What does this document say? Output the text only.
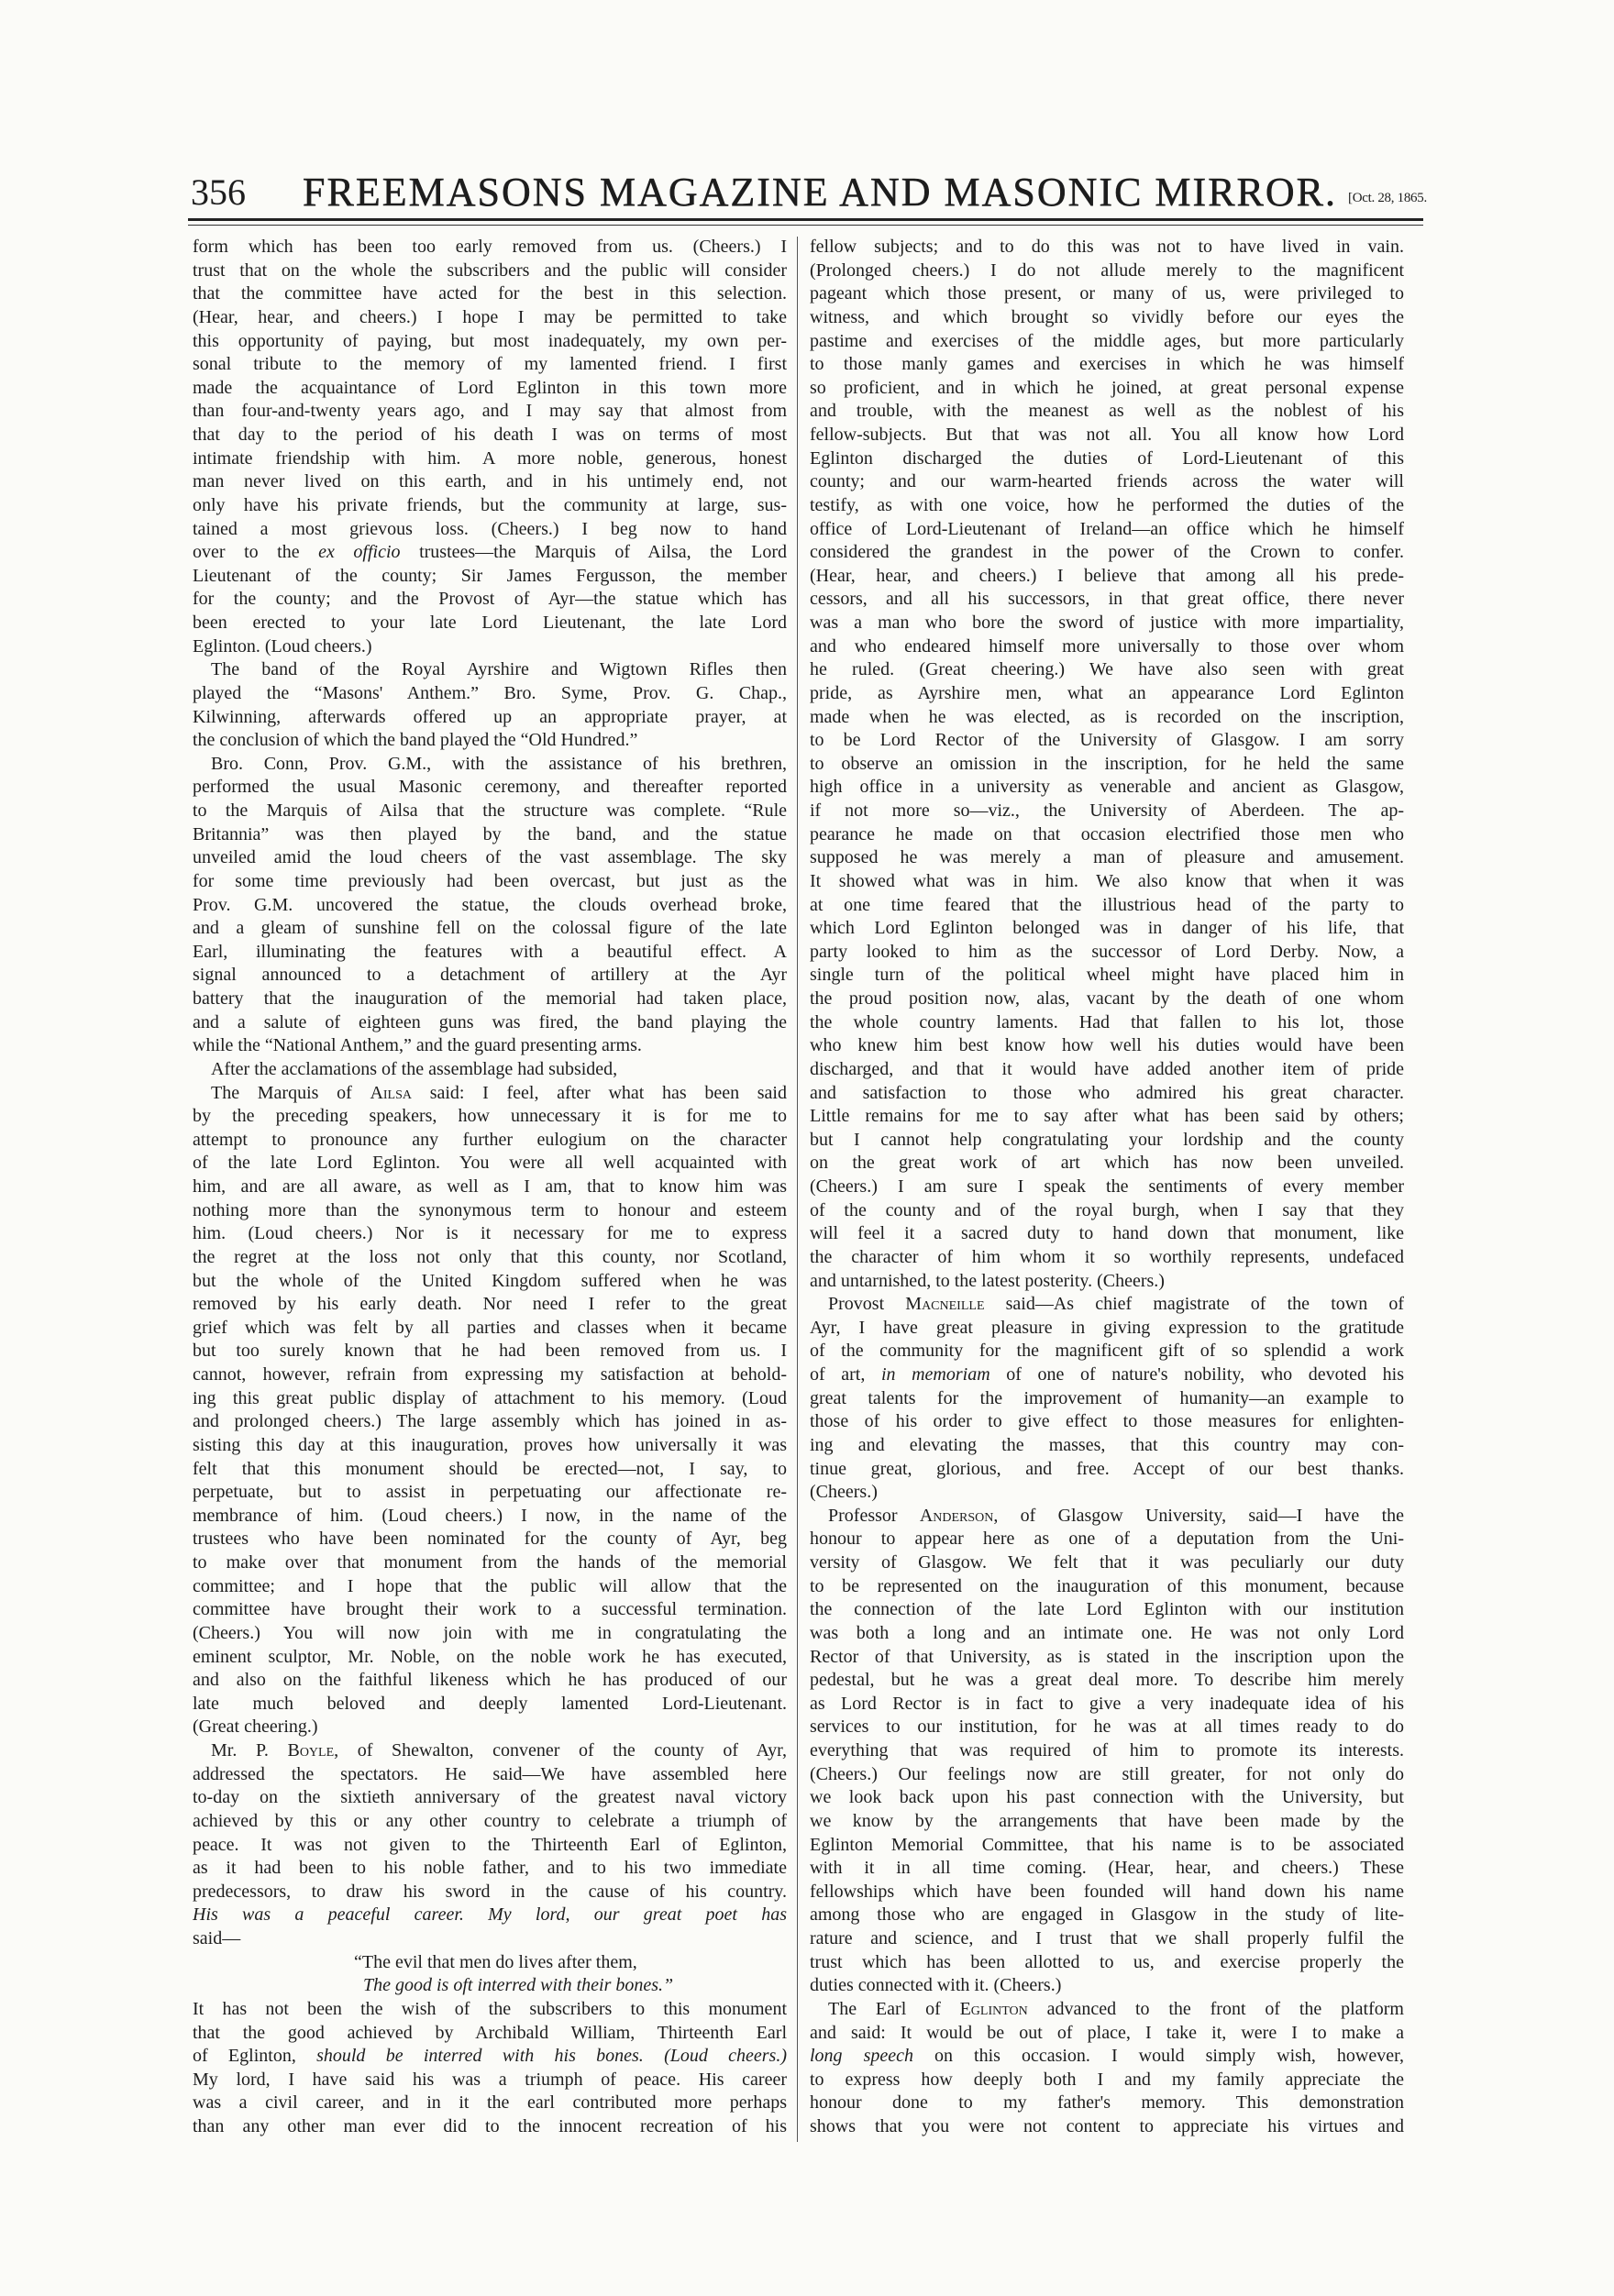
356 FREEMASONS MAGAZINE AND MASONIC MIRROR. [Oct. 28, 1865.
form which has been too early removed from us. (Cheers.) I
trust that on the whole the subscribers and the public will consider
that the committee have acted for the best in this selection.
(Hear, hear, and cheers.) I hope I may be permitted to take
this opportunity of paying, but most inadequately, my own per-
sonal tribute to the memory of my lamented friend. I first
made the acquaintance of Lord Eglinton in this town more
than four-and-twenty years ago, and I may say that almost from
that day to the period of his death I was on terms of most
intimate friendship with him. A more noble, generous, honest
man never lived on this earth, and in his untimely end, not
only have his private friends, but the community at large, sus-
tained a most grievous loss. (Cheers.) I beg now to hand
over to the ex officio trustees—the Marquis of Ailsa, the Lord
Lieutenant of the county; Sir James Fergusson, the member
for the county; and the Provost of Ayr—the statue which has
been erected to your late Lord Lieutenant, the late Lord
Eglinton. (Loud cheers.)
The band of the Royal Ayrshire and Wigtown Rifles then
played the “Masons' Anthem.” Bro. Syme, Prov. G. Chap.,
Kilwinning, afterwards offered up an appropriate prayer, at
the conclusion of which the band played the “Old Hundred.”
Bro. Conn, Prov. G.M., with the assistance of his brethren,
performed the usual Masonic ceremony, and thereafter reported
to the Marquis of Ailsa that the structure was complete. “Rule
Britannia” was then played by the band, and the statue
unveiled amid the loud cheers of the vast assemblage. The sky
for some time previously had been overcast, but just as the
Prov. G.M. uncovered the statue, the clouds overhead broke,
and a gleam of sunshine fell on the colossal figure of the late
Earl, illuminating the features with a beautiful effect. A
signal announced to a detachment of artillery at the Ayr
battery that the inauguration of the memorial had taken place,
and a salute of eighteen guns was fired, the band playing the
while the “National Anthem,” and the guard presenting arms.
After the acclamations of the assemblage had subsided,
The Marquis of Ailsa said: I feel, after what has been said
by the preceding speakers, how unnecessary it is for me to
attempt to pronounce any further eulogium on the character
of the late Lord Eglinton. You were all well acquainted with
him, and are all aware, as well as I am, that to know him was
nothing more than the synonymous term to honour and esteem
him. (Loud cheers.) Nor is it necessary for me to express
the regret at the loss not only that this county, nor Scotland,
but the whole of the United Kingdom suffered when he was
removed by his early death. Nor need I refer to the great
grief which was felt by all parties and classes when it became
but too surely known that he had been removed from us. I
cannot, however, refrain from expressing my satisfaction at behold-
ing this great public display of attachment to his memory. (Loud
and prolonged cheers.) The large assembly which has joined in as-
sisting this day at this inauguration, proves how universally it was
felt that this monument should be erected—not, I say, to
perpetuate, but to assist in perpetuating our affectionate re-
membrance of him. (Loud cheers.) I now, in the name of the
trustees who have been nominated for the county of Ayr, beg
to make over that monument from the hands of the memorial
committee; and I hope that the public will allow that the
committee have brought their work to a successful termination.
(Cheers.) You will now join with me in congratulating the
eminent sculptor, Mr. Noble, on the noble work he has executed,
and also on the faithful likeness which he has produced of our
late much beloved and deeply lamented Lord-Lieutenant.
(Great cheering.)
Mr. P. Boyle, of Shewalton, convener of the county of Ayr,
addressed the spectators. He said—We have assembled here
to-day on the sixtieth anniversary of the greatest naval victory
achieved by this or any other country to celebrate a triumph of
peace. It was not given to the Thirteenth Earl of Eglinton,
as it had been to his noble father, and to his two immediate
predecessors, to draw his sword in the cause of his country.
His was a peaceful career. My lord, our great poet has
said—
“The evil that men do lives after them,
The good is oft interred with their bones.”
It has not been the wish of the subscribers to this monument
that the good achieved by Archibald William, Thirteenth Earl
of Eglinton, should be interred with his bones. (Loud cheers.)
My lord, I have said his was a triumph of peace. His career
was a civil career, and in it the earl contributed more perhaps
than any other man ever did to the innocent recreation of his
fellow subjects; and to do this was not to have lived in vain.
(Prolonged cheers.) I do not allude merely to the magnificent
pageant which those present, or many of us, were privileged to
witness, and which brought so vividly before our eyes the
pastime and exercises of the middle ages, but more particularly
to those manly games and exercises in which he was himself
so proficient, and in which he joined, at great personal expense
and trouble, with the meanest as well as the noblest of his
fellow-subjects. But that was not all. You all know how Lord
Eglinton discharged the duties of Lord-Lieutenant of this
county; and our warm-hearted friends across the water will
testify, as with one voice, how he performed the duties of the
office of Lord-Lieutenant of Ireland—an office which he himself
considered the grandest in the power of the Crown to confer.
(Hear, hear, and cheers.) I believe that among all his prede-
cessors, and all his successors, in that great office, there never
was a man who bore the sword of justice with more impartiality,
and who endeared himself more universally to those over whom
he ruled. (Great cheering.) We have also seen with great
pride, as Ayrshire men, what an appearance Lord Eglinton
made when he was elected, as is recorded on the inscription,
to be Lord Rector of the University of Glasgow. I am sorry
to observe an omission in the inscription, for he held the same
high office in a university as venerable and ancient as Glasgow,
if not more so—viz., the University of Aberdeen. The ap-
pearance he made on that occasion electrified those men who
supposed he was merely a man of pleasure and amusement.
It showed what was in him. We also know that when it was
at one time feared that the illustrious head of the party to
which Lord Eglinton belonged was in danger of his life, that
party looked to him as the successor of Lord Derby. Now, a
single turn of the political wheel might have placed him in
the proud position now, alas, vacant by the death of one whom
the whole country laments. Had that fallen to his lot, those
who knew him best know how well his duties would have been
discharged, and that it would have added another item of pride
and satisfaction to those who admired his great character.
Little remains for me to say after what has been said by others;
but I cannot help congratulating your lordship and the county
on the great work of art which has now been unveiled.
(Cheers.) I am sure I speak the sentiments of every member
of the county and of the royal burgh, when I say that they
will feel it a sacred duty to hand down that monument, like
the character of him whom it so worthily represents, undefaced
and untarnished, to the latest posterity. (Cheers.)
Provost Macneille said—As chief magistrate of the town of
Ayr, I have great pleasure in giving expression to the gratitude
of the community for the magnificent gift of so splendid a work
of art, in memoriam of one of nature's nobility, who devoted his
great talents for the improvement of humanity—an example to
those of his order to give effect to those measures for enlighten-
ing and elevating the masses, that this country may con-
tinue great, glorious, and free. Accept of our best thanks.
(Cheers.)
Professor Anderson, of Glasgow University, said—I have the
honour to appear here as one of a deputation from the Uni-
versity of Glasgow. We felt that it was peculiarly our duty
to be represented on the inauguration of this monument, because
the connection of the late Lord Eglinton with our institution
was both a long and an intimate one. He was not only Lord
Rector of that University, as is stated in the inscription upon the
pedestal, but he was a great deal more. To describe him merely
as Lord Rector is in fact to give a very inadequate idea of his
services to our institution, for he was at all times ready to do
everything that was required of him to promote its interests.
(Cheers.) Our feelings now are still greater, for not only do
we look back upon his past connection with the University, but
we know by the arrangements that have been made by the
Eglinton Memorial Committee, that his name is to be associated
with it in all time coming. (Hear, hear, and cheers.) These
fellowships which have been founded will hand down his name
among those who are engaged in Glasgow in the study of lite-
rature and science, and I trust that we shall properly fulfil the
trust which has been allotted to us, and exercise properly the
duties connected with it. (Cheers.)
The Earl of Eglinton advanced to the front of the platform
and said: It would be out of place, I take it, were I to make a
long speech on this occasion. I would simply wish, however,
to express how deeply both I and my family appreciate the
honour done to my father's memory. This demonstration
shows that you were not content to appreciate his virtues and
